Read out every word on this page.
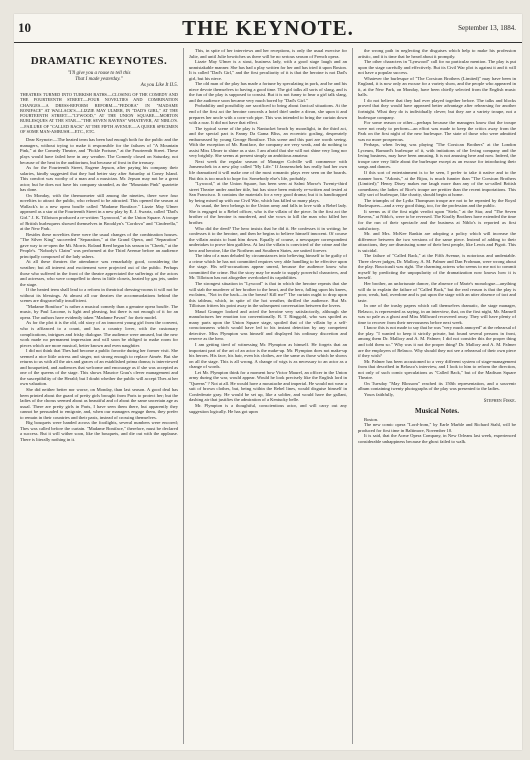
10	THE KEYNOTE.	September 13, 1884.
DRAMATIC KEYNOTES.
"I'll give you a rouse to tell this
That I made yesterday."
As you Like It II.5.
THEATRES TURNED INTO TURKISH BATHS.—CLOSING OF THE COMEDY AND THE FOURTEENTH STREET.—FOUR NOVELTIES AND COMBINATION CHANGES.—A DRESS-REFORM REFORM.—"FEDORA" IN "MADAME BONIFACE" AT WALLACK'S.—LIZZIE MAY ULMER, IN "DAD'S GIRL," AT THE FOURTEENTH STREET.—"LYWOOD," AT THE UNION SQUARE.—MORTON BURLESQUES AT THE STAR.—"THE SEVEN RAVENS" WHATEVER, AT NIBLO'S.—FAILURE OF "CALLED BACK" AT THE FIFTH AVENUE.—A QUEER SPECIMEN OF SOME MAN-AMBUSH.—ETC., ETC.

Dear Keynote:—The heated term has been bad enough both for the public and the managers, without trying to make it responsible for the failures of "A Mountain Pink," at the Comedy Theatre, and "Pickle Fortune," at the Fourteenth Street. These plays would have failed here in any weather. The Comedy closed on Saturday, not because of the heat in the auditorium, but because of frost in the treasury.

As for the Fourteenth Street, Eugene Jepson, after paying his company their salaries, kindly suggested that they had better stay after Saturday at Coney Island. This comfort was worthy of a man and a musician. Mr. Jepson may not be a great actor; but he does not have his company stranded, as the "Mountain Pink" quartette has done.

On Monday, with the thermometer still among the nineties, there were four novelties to attract the public, who refused to be attracted. This opened the season at Wallack's to a new opera bouffe called "Madame Boniface." Lizzie May Ulmer appeared as a star at the Fourteenth Street in a new play by E. J. Swartz, called "Dad's Girl." J. K. Tillotson produced a re-written "Lynwood," at the Union Square. A troupe of British burlesquers showed themselves in Brooklyn's "Cordova" and "Cinderella," at the New Park.

Besides these novelties there were the usual changes of the combination houses. "The Silver King" succeeded "Separation," at the Grand Opera, and "Separation" gave way to re-open the Mt. Morris. Roland Reed began his season in "Cheek," at the People's. "Nobody's Claim" was performed at the Third Avenue before an audience principally composed of the lady ushers.

At all these theatres the attendance was remarkably good, considering the weather; but all interest and excitement were projected out of the public. Perhaps those who suffered in the front of the theatre appreciated the sufferings of the actors and actresses, who were compelled to dress in little closets, heated by gas jets, under the stage.

If the heated term shall lead to a reform in theatrical dressing-rooms it will not be without its blessings. At almost all our theatres the accommodations behind the scenes are disgracefully insufficient.

"Madame Boniface" is rather a musical comedy than a genuine opera bouffe. The music, by Paul Lacome, is light and pleasing, but there is not enough of it for an opera. The authors have evidently taken "Madame Favart" for their model.

As for the plot it is the old, old story of an innocent young girl from the convent, who is affianced to a count, and has a country lover, with the customary complications, intrigues and frisky dialogue. The audience were amused, but the new work made no permanent impression and will soon be obliged to make room for pieces which are more musical, better known and even naughtier.

I did not think that Thes had become a public favorite during her former visit. She seemed a nice little actress and singer, not strong enough to replace Aimée. But she returns to us with all the airs and graces of an established prima donna; is interviewed and bouquetted, and audiences that welcome and encourage as if she was accepted as one of the queens of the stage. This shows Maurice Grau's clever management and the susceptibility of the Herald; but I doubt whether the public will accept Thes at her own valuation.

She did neither better nor worse, on Monday, than last season. A good deal has been printed about the guard of pretty girls brought from Paris to protect her; but the ladies of the chorus seemed about as beautiful and of about the same uncertain age as usual. There are pretty girls in Paris, I have seen them there, but apparently they cannot be persuaded to emigrate, and, when our managers engage them, they prefer to remain in their countries and their pasts, instead of crossing themselves.

Big bouquets were handed across the footlights, several numbers were encored; Thes was called before the curtain. "Madame Boniface," therefore, must be declared a success. But it will wither soon, like the bouquets, and die out with the applause. There is literally nothing in it.

This, in spite of her interviews and her receptions, is only the usual exercise for Julie, and until Julie bewitches us there will be no serious season of French opera.

Lizzie May Ulmer is a stout, business lady, with a good stage laugh and an unmistakable manner. She has had a play written for her and has tried it upon Boston. It is called "Dad's Girl," and the first peculiarity of it is that the heroine is not Dad's girl, but his niece.

The old man of the play has made a fortune by speculating in pork, and he and his niece devote themselves to having a good time. The girl talks all sorts of slang, and is the fun of the play is supposed to consist. But it is not funny to hear a girl talk slang, and the audience soon became very much bored by "Dad's Girl."

Probability and possibility are sacrificed to bring about farcical situations. At the end of the first act the heroine conceals a hotel thief under a divan, she upon it and prepares her uncle with a corn-cob pipe. This was intended to bring the curtain down with a roar. It did not have that effect.

The typical scene of the play is Nantucket beach by moonlight, in the third act, and the special part is Fanny Da Gama Bliss, an eccentric gosling, desperately embarrassed by young George Boniface. This scene and this part are worth seeing. With the exception of Mr. Boniface, the company are very weak, and do nothing to assist Miss Ulmer to shine as a star. I am afraid that she will not shine very long nor very brightly. She seems at present simply an ambitious amateur.

Next week the regular season of Manager Colville will commence with Jansenschek in a new play called "My Life." If Jansenschek has really had her own life dramatized it will make one of the most romantic plays ever seen on the boards. But this is too much to hope for. Somebody else's life, probably.

"Lywood," at the Union Square, has been seen at Salmi Morse's Twenty-third street Theatre under another title, but has since been entirely re-written and tested at San Francisco. It contains the materials for a very good drama; but it is handicapped by being mixed up with our Civil War, which has killed so many plays.

As usual, the hero belongs to the Union army and falls in love with a Rebel lady. She is engaged to a Rebel officer, who is the villain of the piece. In the first act the brother of the heroine is murdered, and she vows to kill the man who killed her brother.

Who did the deed? The hero insists that he did it. He confesses it in writing; he confesses it to the heroine, and then he begins to believe himself innocent. Of course the villain assists to hunt him down. Equally of course, a newspaper correspondent undertakes to prove him guiltless. At last the villain is convicted of the crime and the hero and heroine, like the Northern and Southern States, are united forever.

The idea of a man deluded by circumstances into believing himself to be guilty of a crime which he has not committed requires very able handling to be effective upon the stage. His self-accusations appear unreal, because the audience know who committed the crime. But the story may be made to supply powerful characters, and Mr. Tillotson has not altogether overlooked its capabilities.

The strongest situation in "Lywood" is that in which the heroine repeats that she will stab the murderer of her brother to the heart, and the hero, falling upon his knees, exclaims, "Not in the back—in the breast! Kill me!" The curtain ought to drop upon this tableau, which, in spite of the hot weather, thrilled the audience. But Mr. Tillotson fritters his point away in the subsequent conversation between the lovers.

Maud Granger looked and acted the heroine very satisfactorily, although she manufactures her emotion too conventionally. B. T. Ringgold, who was spoiled as many parts upon the Union Square stage, spoiled that of the villain by a self-consciousness which would have led to his instant detection by any competent detective. Miss Plympton was himself and displayed his ordinary discretion and reserve as the hero.

I am getting tired of witnessing Mr. Plympton as himself. He forgets that an important part of the art of an actor is the make-up. Mr. Plympton does not make-up his heroes. His face, his hair, even his clothes, are the same as those which he shows on all the stage. This is all wrong. A change of wigs is as necessary to an actor as a change of words.

Let Mr. Plympton think for a moment how Victor Maurel, an officer in the Union army during the war, would appear. Would he look precisely like the English lord in "Queens" ? Not at all. He would have a moustache and imperial. He would not wear a suit of brown clothes, but, being within the Rebel lines, would disguise himself in Confederate gray. He would be set up, like a soldier, and would have the gallant, dashing air that justifies the admiration of a Kentucky belle.

Mr. Plympton is a thoughtful, conscientious actor, and will carry out any suggestion logically. He has got upon

the wrong path in neglecting the disguises which help to make his profession artistic, and it is time that he heard about it promptly.

The other characters in "Lynwood" call for no particular mention. The play is put upon the stage carefully and effectively. But its Civil War plot is against it and it will not have a popular success.

Whatever the burlesque of "The Corsican Brothers (Limited)" may have been in England, it is now only an excuse for a variety show, and the people who appeared in it, at the New Park, on Monday, have been chiefly selected from the English music halls.

I do not believe that they had ever played together before. The talks and blocks proved that they would have appeared better advantage after rehearsing for another fortnight. What they do is individually clever; but they are a variety troupe, not a burlesque company.

For some reason or other—perhaps because the managers know that the troupe were not ready to perform—an effort was made to keep the critics away from the Park on the first night of the new burlesque. The state of those who were admitted was no more prosperous.

Perhaps, when Irving was playing "The Corsican Brothers" at the London Lyceum, Barnard's burlesque of it, with imitations of the Irving company and the Irving business, may have been amusing. It is not amusing here and now. Indeed, the troupe care very little about the burlesque except as an excuse for introducing their songs and dances.

If this sort of entertainment is to be seen, I prefer to take it native and to the manner born. "Adonis," at the Bijou, is much funnier than "The Corsican Brothers (Limited);" Henry Dixey makes me laugh more than any of the so-called British comedians; the ladies of Rice's troupe are prettier than the recent importations. This silly sort of burlesque, like charity, should begin at home.

The triumphs of the Lydia Thompson troupe are not to be repeated by the Royal Burlesquers—and a very good thing, too, for the profession and the public.

It seems as if the first night verdict upon "Stelo," at the Star, and "The Seven Ravens," at Niblo's, were to be reversed. The Kiralfy Brothers have extended the time for the run of their spectacle and the business at Niblo's is reported as first satisfactory.

Mr. and Mrs. McKee Rankin are adopting a policy which will increase the difference between the two versions of the same piece. Instead of adding to their attractions, they are dismissing some of their best people, like Lewis and Pigott. This is suicidal.

The failure of "Called Back," at the Fifth Avenue, is notorious and undeniable. Three clever judges, Dr. Mallory, A. M. Palmer and Dan Frohman, were wrong about the play. Boucicault was right. The charming actress who seems to me not to commit myself by predicting the unpopularity of the dramatization now knows how it is herself.

Her brother, an unfortunate dancer, the absence of Marie's monologue—anything will do to explain the failure of "Called Back," but the real reason is that the play is poor, weak, bad, overdone and is put upon the stage with an utter absence of tact and taste.

In one of the trashy papers which call themselves dramatic, the stage manager, Belasco, is represented as saying, in an interview, that, on the first night, Mr. Mansell was so pale as a ghost and Miss Millward recovered away. They will have plenty of time to recover from their nervousness before next week.

I know this is not made to say that he was "very much annoyed" at the rehearsal of the play. "I wanted to keep it strictly private, but found several persons in front, among them Dr. Mallory and A. M. Palmer; I did not consider this the proper thing and told them so." Why was it not the proper thing? Dr. Mallory and A. M. Palmer are the employers of Belasco. Why should they not see a rehearsal of their own piece if they wish?

Mr. Palmer has been accustomed to a very different system of stage-management from that described in Belasco's interview, and I look to him to reform the direction, not only of such comic speculations as "Called Back," but of the Madison Square Theatre.

On Tuesday "May Blossom" reached its 150th representation, and a souvenir album containing twenty photographs of the play was presented to the ladies.

Yours faithfully,

Stephen Fiske.
Musical Notes.

Boston.

The new comic opera "Lord-from," by Earle Marble and Richard Stahl, will be produced for first time in Baltimore, November 10.

It is said, that the Acme Opera Company, in New Orleans last week, experienced considerable unhappiness because the ghost failed to walk.
